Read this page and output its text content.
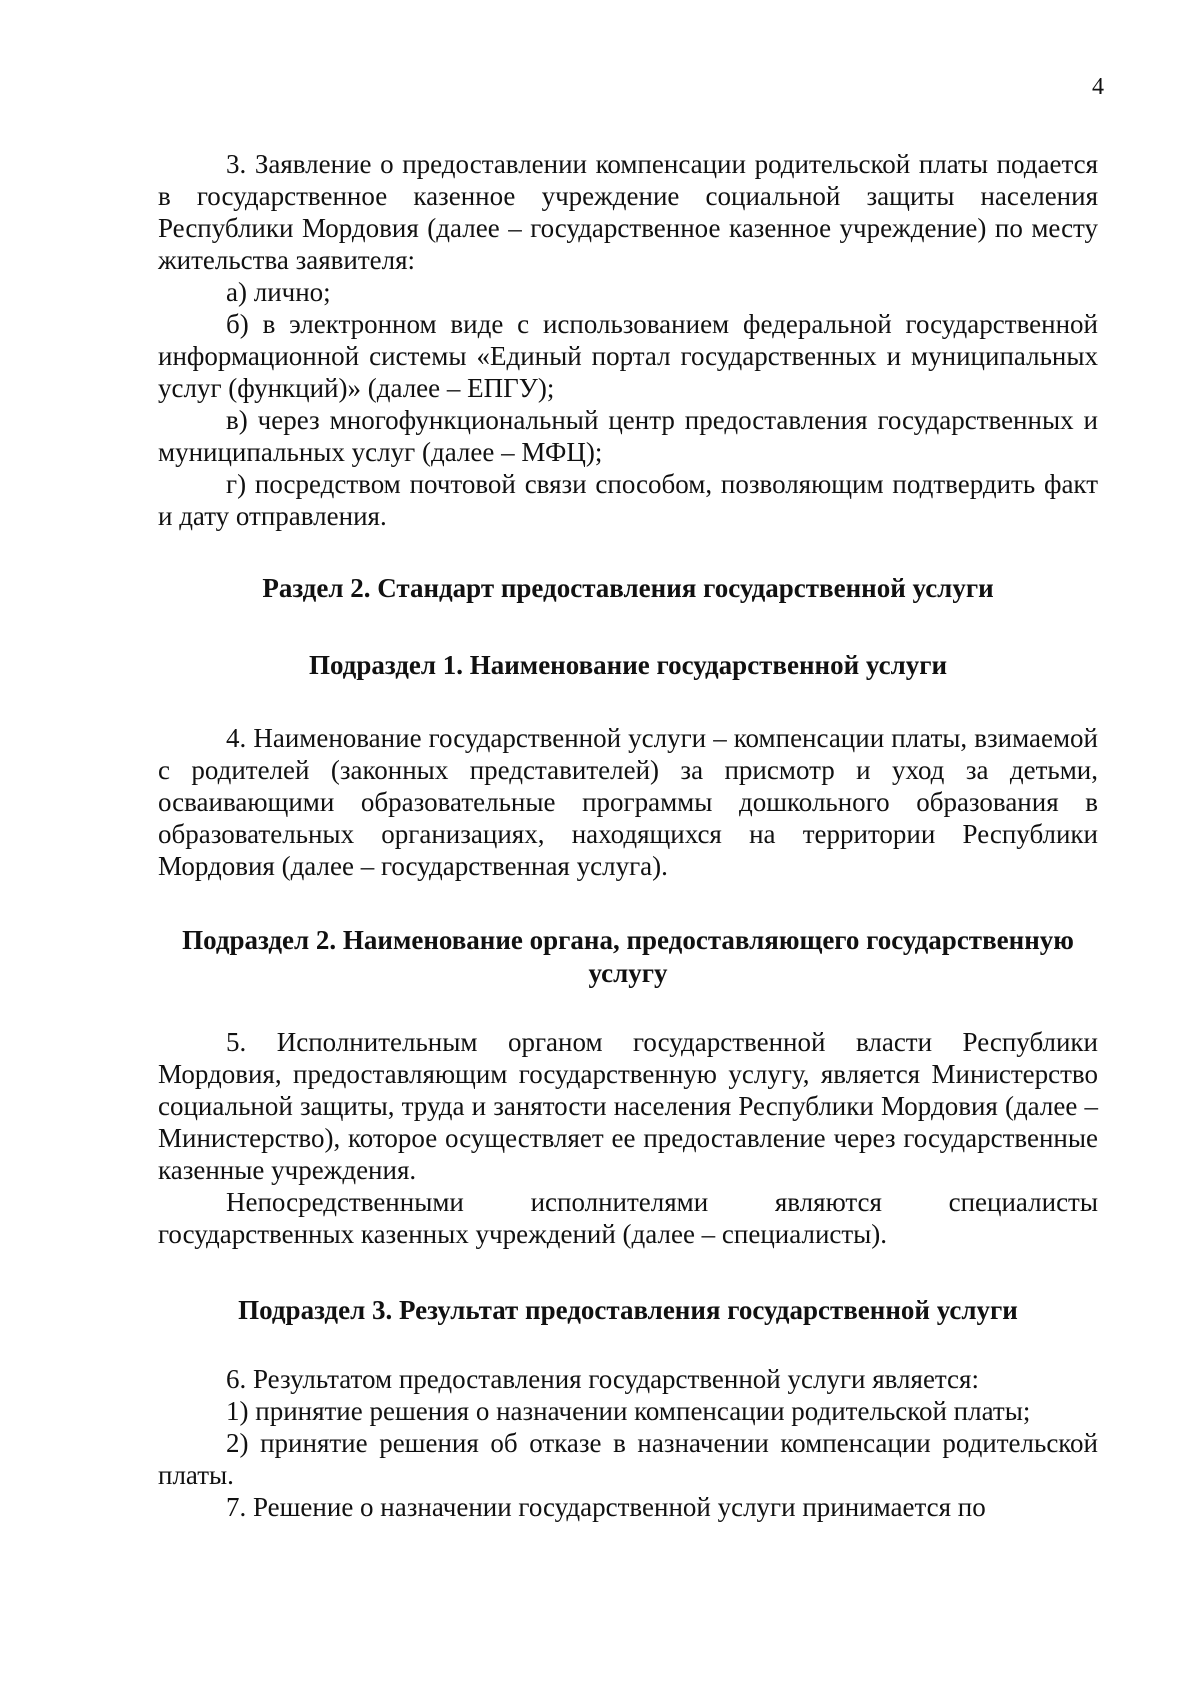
4

3. Заявление о предоставлении компенсации родительской платы подается в государственное казенное учреждение социальной защиты населения Республики Мордовия (далее – государственное казенное учреждение) по месту жительства заявителя:

а) лично;

б) в электронном виде с использованием федеральной государственной информационной системы «Единый портал государственных и муниципальных услуг (функций)» (далее – ЕПГУ);

в) через многофункциональный центр предоставления государственных и муниципальных услуг (далее – МФЦ);

г) посредством почтовой связи способом, позволяющим подтвердить факт и дату отправления.

Раздел 2. Стандарт предоставления государственной услуги
Подраздел 1. Наименование государственной услуги

4. Наименование государственной услуги – компенсации платы, взимаемой с родителей (законных представителей) за присмотр и уход за детьми, осваивающими образовательные программы дошкольного образования в образовательных организациях, находящихся на территории Республики Мордовия (далее – государственная услуга).

Подраздел 2. Наименование органа, предоставляющего государственную услугу

5. Исполнительным органом государственной власти Республики Мордовия, предоставляющим государственную услугу, является Министерство социальной защиты, труда и занятости населения Республики Мордовия (далее – Министерство), которое осуществляет ее предоставление через государственные казенные учреждения.

Непосредственными исполнителями являются специалисты государственных казенных учреждений (далее – специалисты).

Подраздел 3. Результат предоставления государственной услуги

6. Результатом предоставления государственной услуги является:

1) принятие решения о назначении компенсации родительской платы;

2) принятие решения об отказе в назначении компенсации родительской платы.

7. Решение о назначении государственной услуги принимается по
